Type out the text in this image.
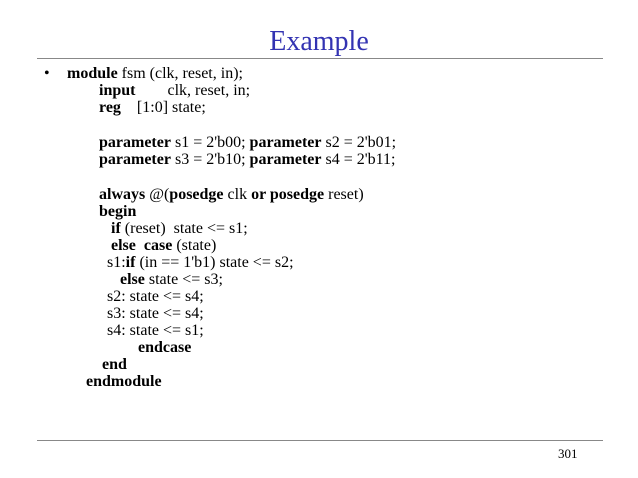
Example
• module fsm (clk, reset, in);
input        clk, reset, in;
reg    [1:0] state;
parameter s1 = 2'b00; parameter s2 = 2'b01;
parameter s3 = 2'b10; parameter s4 = 2'b11;
always @(posedge clk or posedge reset)
begin
if (reset)  state <= s1;
else  case (state)
s1:if (in == 1'b1) state <= s2;
else state <= s3;
s2: state <= s4;
s3: state <= s4;
s4: state <= s1;
endcase
end
endmodule
301
